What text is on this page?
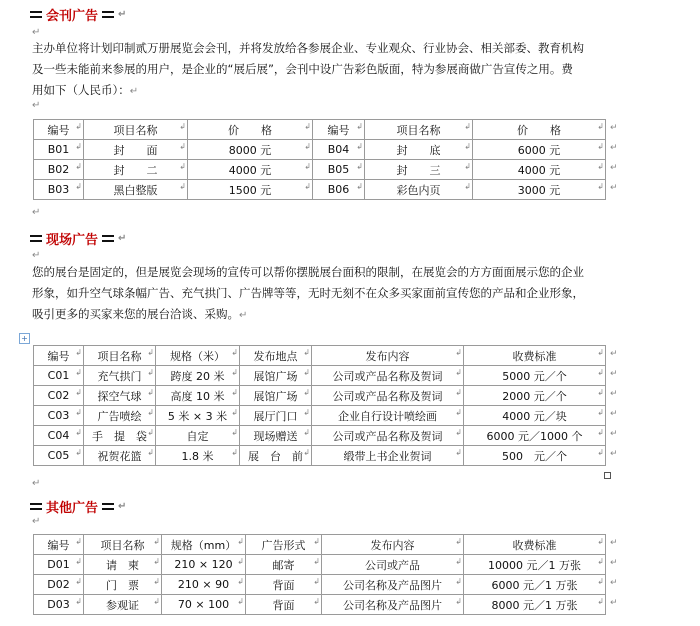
会刊广告 ↵
↵
主办单位将计划印制贰万册展览会会刊，并将发放给各参展企业、专业观众、行业协会、相关部委、教育机构
及一些未能前来参展的用户，是企业的“展后展”，会刊中设广告彩色版面，特为参展商做广告宣传之用。费
用如下（人民币）：↵
↵
编号 ↲	项目名称 ↲	价　　格 ↲	编号 ↲	项目名称 ↲	价　　格 ↲
B01 ↲	封　　面 ↲	8000 元 ↲	B04 ↲	封　　底 ↲	6000 元 ↲
B02 ↲	封　　二 ↲	4000 元 ↲	B05 ↲	封　　三 ↲	4000 元 ↲
B03 ↲	黑白整版 ↲	1500 元 ↲	B06 ↲	彩色内页 ↲	3000 元 ↲
↵
现场广告 ↵
↵
您的展台是固定的，但是展览会现场的宣传可以帮你摆脱展台面积的限制，在展览会的方方面面展示您的企业
形象，如升空气球条幅广告、充气拱门、广告牌等等，无时无刻不在众多买家面前宣传您的产品和企业形象，
吸引更多的买家来您的展台洽谈、采购。↵
+
编号 ↲	项目名称 ↲	规格（米） ↲	发布地点 ↲	发布内容 ↲	收费标准 ↲
C01 ↲	充气拱门 ↲	跨度 20 米 ↲	展馆广场 ↲	公司或产品名称及贺词 ↲	5000 元／个 ↲
C02 ↲	探空气球 ↲	高度 10 米 ↲	展馆广场 ↲	公司或产品名称及贺词 ↲	2000 元／个 ↲
C03 ↲	广告喷绘 ↲	5 米 × 3 米 ↲	展厅门口 ↲	企业自行设计喷绘画 ↲	4000 元／块 ↲
C04 ↲	手　提　袋 ↲	自定 ↲	现场赠送 ↲	公司或产品名称及贺词 ↲	6000 元／1000 个 ↲
C05 ↲	祝贺花篮 ↲	1.8 米 ↲	展　台　前 ↲	缎带上书企业贺词 ↲	500　元／个 ↲
↵
其他广告 ↵
↵
编号 ↲	项目名称 ↲	规格（mm） ↲	广告形式 ↲	发布内容 ↲	收费标准 ↲
D01 ↲	请　柬 ↲	210 × 120 ↲	邮寄 ↲	公司或产品 ↲	10000 元／1 万张 ↲
D02 ↲	门　票 ↲	210 × 90 ↲	背面 ↲	公司名称及产品图片 ↲	6000 元／1 万张 ↲
D03 ↲	参观证 ↲	70 × 100 ↲	背面 ↲	公司名称及产品图片 ↲	8000 元／1 万张 ↲
↵
↵
↵
↵
↵
↵
↵
↵
↵
↵
↵
↵
↵
↵
